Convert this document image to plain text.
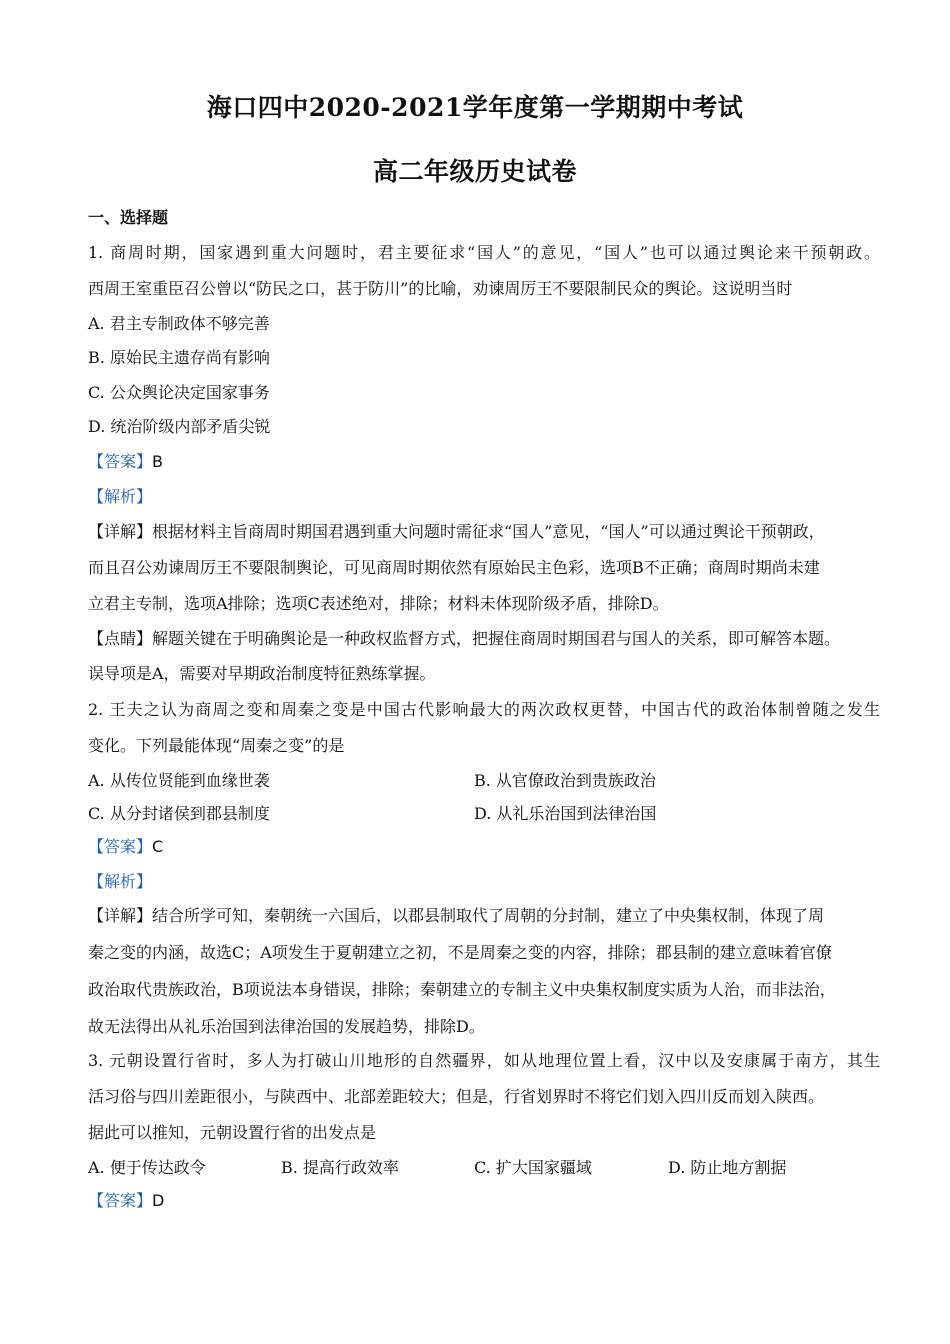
海口四中2020-2021学年度第一学期期中考试
高二年级历史试卷
一、选择题
1. 商周时期，国家遇到重大问题时，君主要征求“国人”的意见，“国人”也可以通过舆论来干预朝政。
西周王室重臣召公曾以“防民之口，甚于防川”的比喻，劝谏周厉王不要限制民众的舆论。这说明当时
A. 君主专制政体不够完善
B. 原始民主遗存尚有影响
C. 公众舆论决定国家事务
D. 统治阶级内部矛盾尖锐
【答案】B
【解析】
【详解】根据材料主旨商周时期国君遇到重大问题时需征求“国人”意见，“国人”可以通过舆论干预朝政，
而且召公劝谏周厉王不要限制舆论，可见商周时期依然有原始民主色彩，选项B不正确；商周时期尚未建
立君主专制，选项A排除；选项C表述绝对，排除；材料未体现阶级矛盾，排除D。
【点睛】解题关键在于明确舆论是一种政权监督方式，把握住商周时期国君与国人的关系，即可解答本题。
误导项是A，需要对早期政治制度特征熟练掌握。
2. 王夫之认为商周之变和周秦之变是中国古代影响最大的两次政权更替，中国古代的政治体制曾随之发生
变化。下列最能体现“周秦之变”的是
A. 从传位贤能到血缘世袭	B. 从官僚政治到贵族政治
C. 从分封诸侯到郡县制度	D. 从礼乐治国到法律治国
【答案】C
【解析】
【详解】结合所学可知，秦朝统一六国后，以郡县制取代了周朝的分封制，建立了中央集权制，体现了周
秦之变的内涵，故选C；A项发生于夏朝建立之初，不是周秦之变的内容，排除；郡县制的建立意味着官僚
政治取代贵族政治，B项说法本身错误，排除；秦朝建立的专制主义中央集权制度实质为人治，而非法治，
故无法得出从礼乐治国到法律治国的发展趋势，排除D。
3. 元朝设置行省时，多人为打破山川地形的自然疆界，如从地理位置上看，汉中以及安康属于南方，其生
活习俗与四川差距很小，与陕西中、北部差距较大；但是，行省划界时不将它们划入四川反而划入陕西。
据此可以推知，元朝设置行省的出发点是
A. 便于传达政令	B. 提高行政效率	C. 扩大国家疆域	D. 防止地方割据
【答案】D
